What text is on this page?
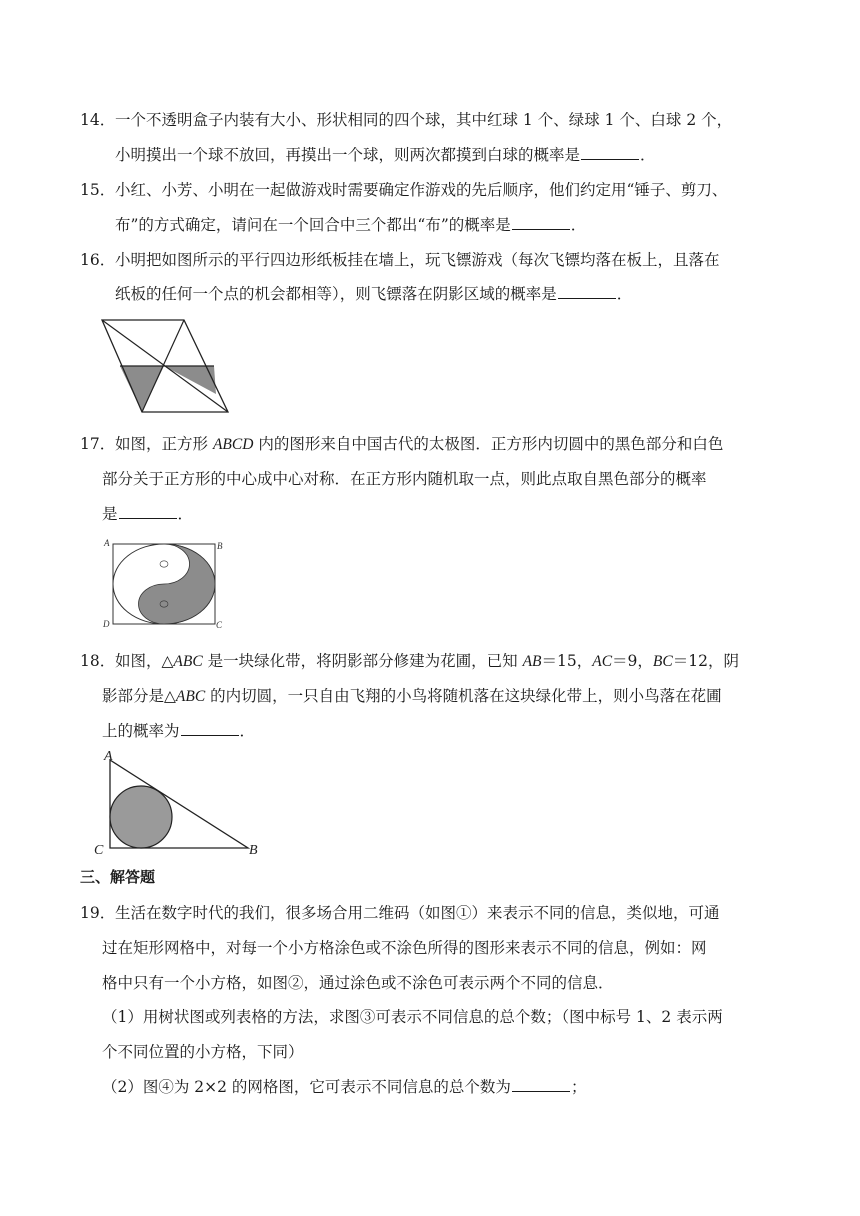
14． 一个不透明盒子内装有大小、形状相同的四个球，其中红球 1 个、绿球 1 个、白球 2 个，
小明摸出一个球不放回，再摸出一个球，则两次都摸到白球的概率是	．
15． 小红、小芳、小明在一起做游戏时需要确定作游戏的先后顺序，他们约定用“锤子、剪刀、
布”的方式确定，请问在一个回合中三个都出“布”的概率是	．
16． 小明把如图所示的平行四边形纸板挂在墙上，玩飞镖游戏（每次飞镖均落在板上，且落在
纸板的任何一个点的机会都相等），则飞镖落在阴影区域的概率是	．
17． 如图，正方形 ABCD 内的图形来自中国古代的太极图．正方形内切圆中的黑色部分和白色
部分关于正方形的中心成中心对称．在正方形内随机取一点，则此点取自黑色部分的概率
是	．
A	B
C
D
18． 如图，△ABC 是一块绿化带，将阴影部分修建为花圃，已知 AB＝15，AC＝9，BC＝12，阴
影部分是△ABC 的内切圆，一只自由飞翔的小鸟将随机落在这块绿化带上，则小鸟落在花圃
上的概率为	．
A
C	B
三、解答题
19． 生活在数字时代的我们，很多场合用二维码（如图①）来表示不同的信息，类似地，可通
过在矩形网格中，对每一个小方格涂色或不涂色所得的图形来表示不同的信息，例如：网
格中只有一个小方格，如图②，通过涂色或不涂色可表示两个不同的信息．
（1）用树状图或列表格的方法，求图③可表示不同信息的总个数；（图中标号 1、2 表示两
个不同位置的小方格，下同）
（2）图④为 2×2 的网格图，它可表示不同信息的总个数为	；
